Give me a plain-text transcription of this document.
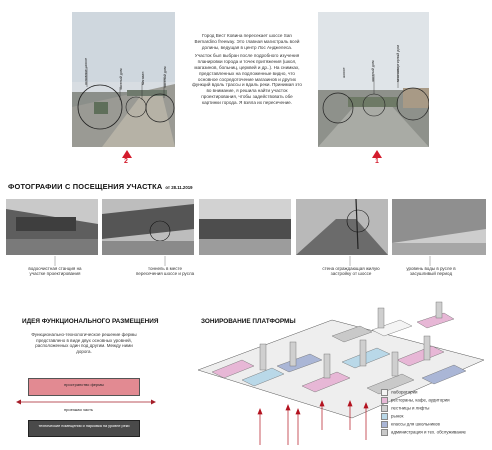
основное шоссе	частный дом	магазин	частный дом
2

Город Вест Ковина пересекает шоссе San Bernardino freeway. Это главная магистраль всей долины, ведущая в центр Лос Анджелеса.

Участок был выбран после подробного изучения планировки города и точек притяжения (школ, магазинов, больниц, церквей и др..). На снимках, представленных на подложенные видно, что основное сосредоточение магазинов и других функций вдоль трассы и вдаль реки. Принимая это во внимание, я решила найти участок проектирования, чтобы задействовать обе картинки города. Я взяла их пересечение.

шоссе	частный дом	многоквартирный дом
1
ФОТОГРАФИИ С ПОСЕЩЕНИЯ УЧАСТКА от 28.11.2019
водоочистная станция на участке проектирования
тоннель в месте пересечения шоссе и русла
стена ограждающая жилую застройку от шоссе
уровень воды в русле в засушливый период
ИДЕЯ ФУНКЦИОНАЛЬНОГО РАЗМЕЩЕНИЯ
Функционально-технологическое решение фермы представлено в виде двух основных уровней, расположенных один под другим. Между ними дорога.
пространство фермы
проезжая часть
технические помещения и парковка на уровне реки
ЗОНИРОВАНИЕ ПЛАТФОРМЫ
лаборатории
рестораны, кафе, аудитории
лестницы и лифты
рынок
классы для школьников
администрация и тех. обслуживание
